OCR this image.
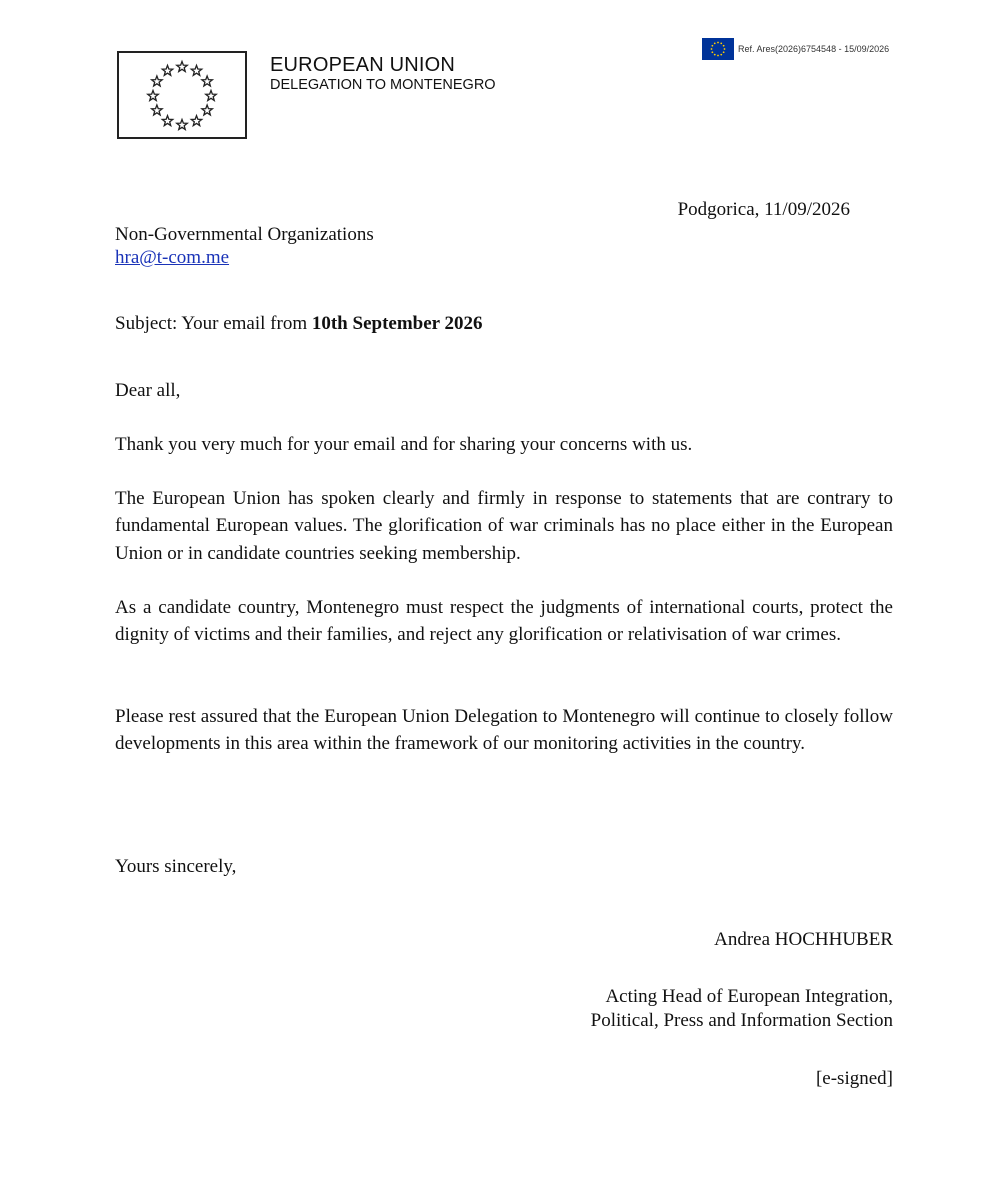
EUROPEAN UNION
DELEGATION TO MONTENEGRO
Ref. Ares(2026)6754548 - 15/09/2026
Podgorica, 11/09/2026
Non-Governmental Organizations
hra@t-com.me
Subject: Your email from 10th September 2026
Dear all,
Thank you very much for your email and for sharing your concerns with us.
The European Union has spoken clearly and firmly in response to statements that are contrary to fundamental European values. The glorification of war criminals has no place either in the European Union or in candidate countries seeking membership.
As a candidate country, Montenegro must respect the judgments of international courts, protect the dignity of victims and their families, and reject any glorification or relativisation of war crimes.
Please rest assured that the European Union Delegation to Montenegro will continue to closely follow developments in this area within the framework of our monitoring activities in the country.
Yours sincerely,
Andrea HOCHHUBER
Acting Head of European Integration,
Political, Press and Information Section
[e-signed]
